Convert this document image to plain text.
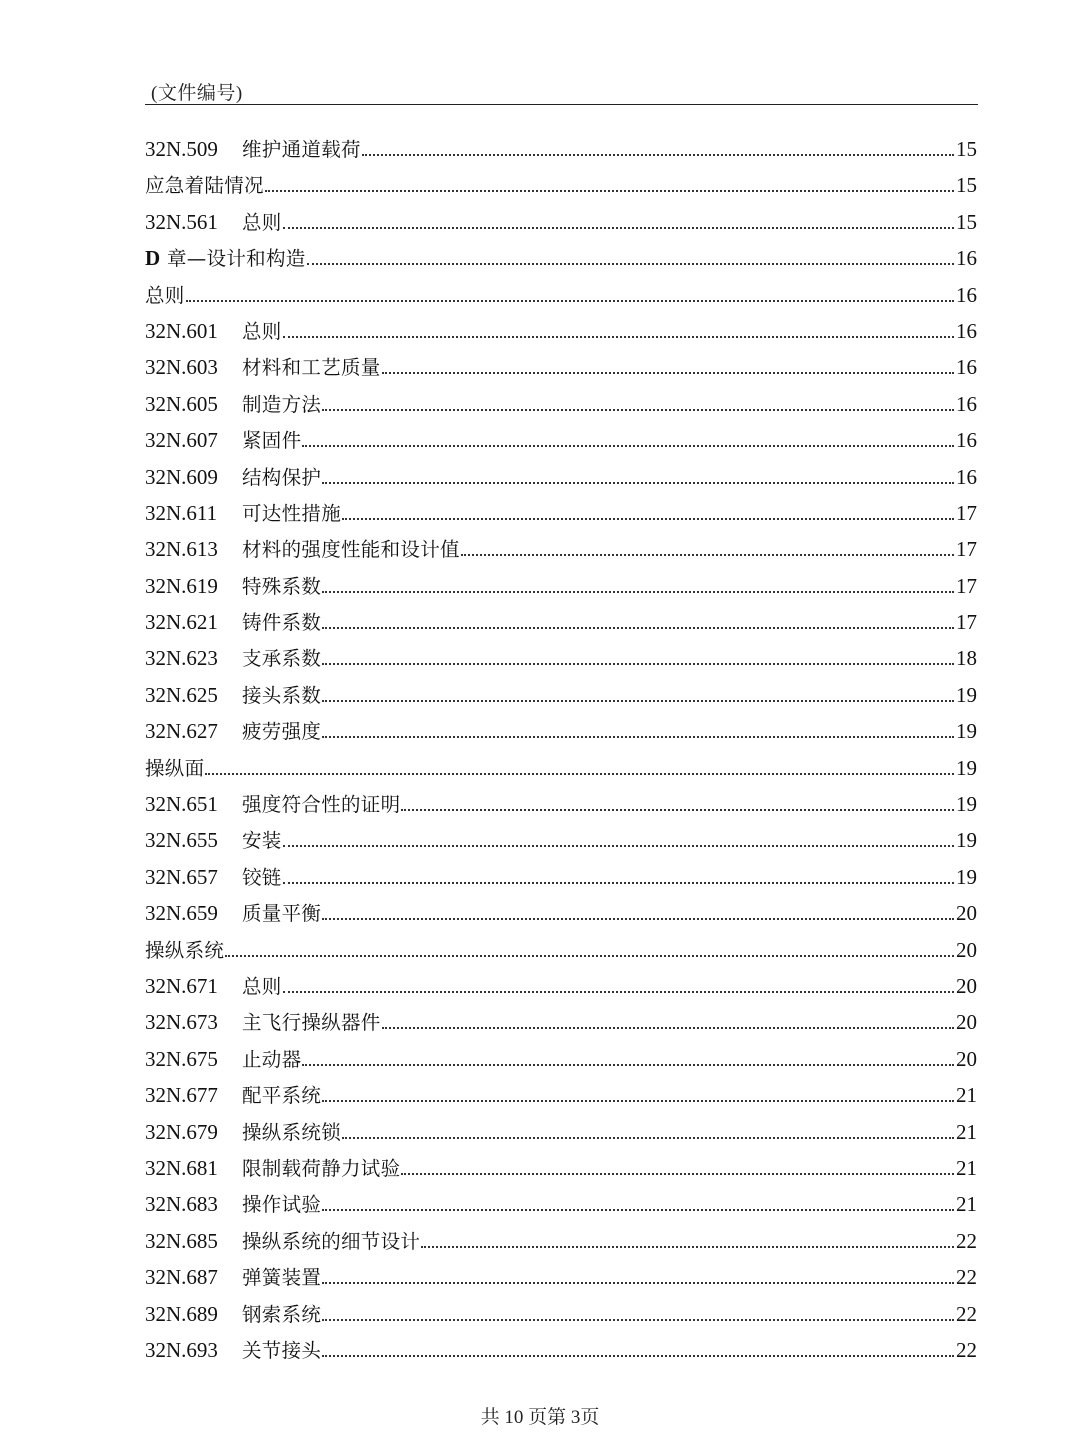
(文件编号)
32N.509	维护通道载荷	15
应急着陆情况	15
32N.561	总则	15
D 章—设计和构造	16
总则	16
32N.601	总则	16
32N.603	材料和工艺质量	16
32N.605	制造方法	16
32N.607	紧固件	16
32N.609	结构保护	16
32N.611	可达性措施	17
32N.613	材料的强度性能和设计值	17
32N.619	特殊系数	17
32N.621	铸件系数	17
32N.623	支承系数	18
32N.625	接头系数	19
32N.627	疲劳强度	19
操纵面	19
32N.651	强度符合性的证明	19
32N.655	安装	19
32N.657	铰链	19
32N.659	质量平衡	20
操纵系统	20
32N.671	总则	20
32N.673	主飞行操纵器件	20
32N.675	止动器	20
32N.677	配平系统	21
32N.679	操纵系统锁	21
32N.681	限制载荷静力试验	21
32N.683	操作试验	21
32N.685	操纵系统的细节设计	22
32N.687	弹簧装置	22
32N.689	钢索系统	22
32N.693	关节接头	22
共 10 页第 3页
